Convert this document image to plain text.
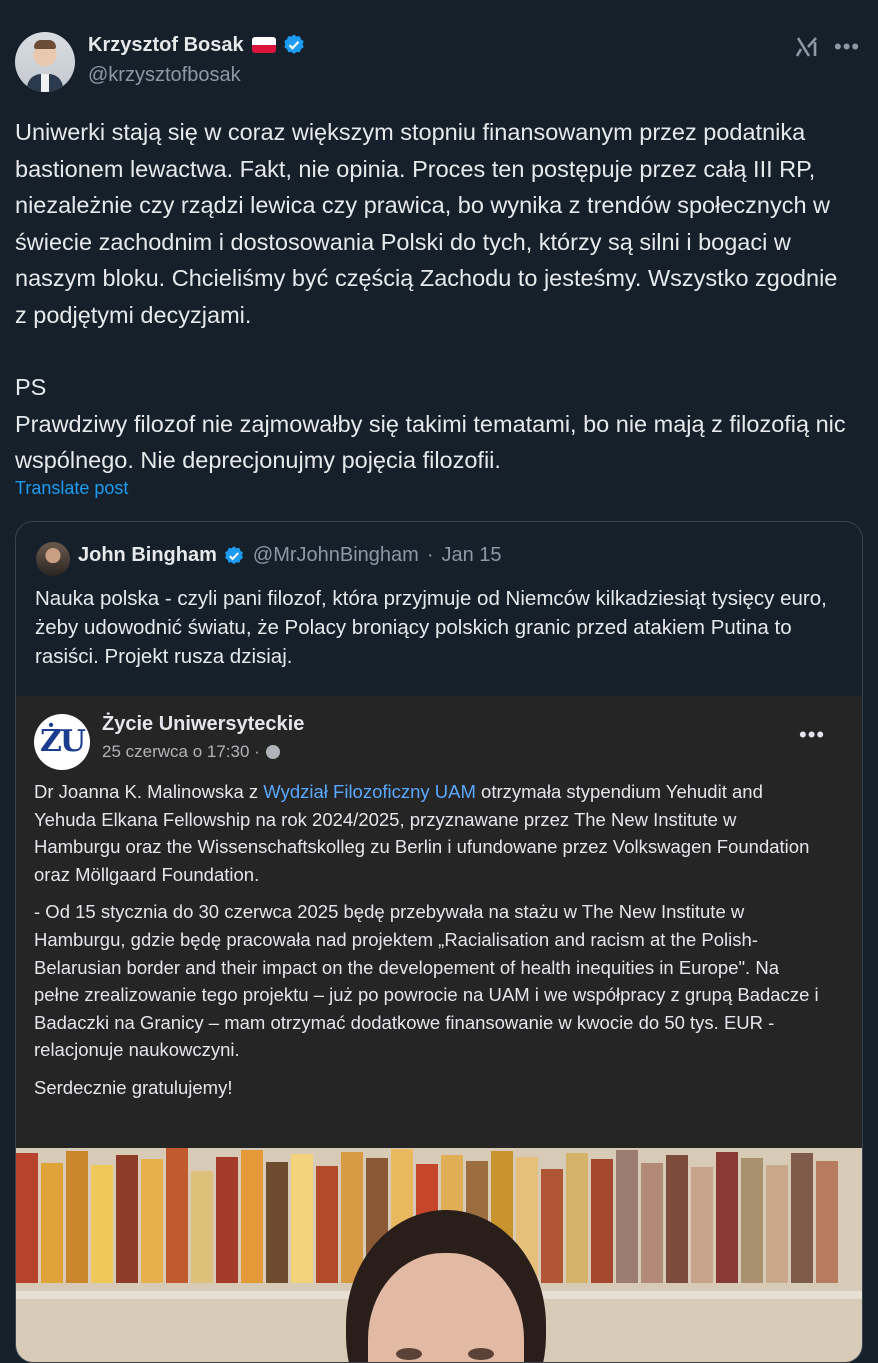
Krzysztof Bosak
@krzysztofbosak
•••

Uniwerki stają się w coraz większym stopniu finansowanym przez podatnika bastionem lewactwa. Fakt, nie opinia. Proces ten postępuje przez całą III RP, niezależnie czy rządzi lewica czy prawica, bo wynika z trendów społecznych w świecie zachodnim i dostosowania Polski do tych, którzy są silni i bogaci w naszym bloku. Chcieliśmy być częścią Zachodu to jesteśmy. Wszystko zgodnie z podjętymi decyzjami.

PS
Prawdziwy filozof nie zajmowałby się takimi tematami, bo nie mają z filozofią nic wspólnego. Nie deprecjonujmy pojęcia filozofii.

Translate post
John Bingham @MrJohnBingham · Jan 15
Nauka polska - czyli pani filozof, która przyjmuje od Niemców kilkadziesiąt tysięcy euro, żeby udowodnić światu, że Polacy broniący polskich granic przed atakiem Putina to rasiści. Projekt rusza dzisiaj.
ŻU Życie Uniwersyteckie
25 czerwca o 17:30 ·
•••

Dr Joanna K. Malinowska z Wydział Filozoficzny UAM otrzymała stypendium Yehudit and Yehuda Elkana Fellowship na rok 2024/2025, przyznawane przez The New Institute w Hamburgu oraz the Wissenschaftskolleg zu Berlin i ufundowane przez Volkswagen Foundation oraz Möllgaard Foundation.

- Od 15 stycznia do 30 czerwca 2025 będę przebywała na stażu w The New Institute w Hamburgu, gdzie będę pracowała nad projektem „Racialisation and racism at the Polish-Belarusian border and their impact on the developement of health inequities in Europe". Na pełne zrealizowanie tego projektu – już po powrocie na UAM i we współpracy z grupą Badacze i Badaczki na Granicy – mam otrzymać dodatkowe finansowanie w kwocie do 50 tys. EUR - relacjonuje naukowczyni.

Serdecznie gratulujemy!
